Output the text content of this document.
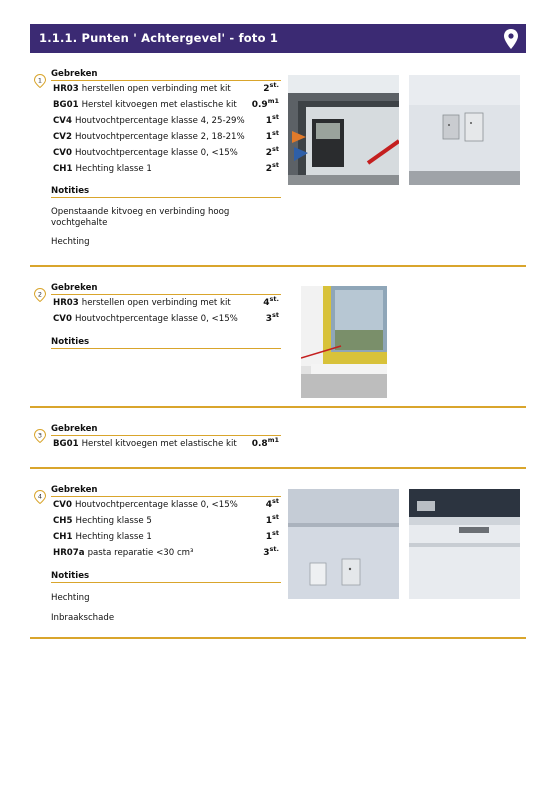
1.1.1. Punten ' Achtergevel' - foto 1
1
Gebreken
HR03 herstellen open verbinding met kit	$2^{st.}$
BG01 Herstel kitvoegen met elastische kit $0.9^{m1}$
CV4 Houtvochtpercentage klasse 4, 25-29% 1st
CV2 Houtvochtpercentage klasse 2, 18-21% 1st
CV0 Houtvochtpercentage klasse 0, <15%	2st
CH1 Hechting klasse 1	2st
Notities
Openstaande kitvoeg en verbinding hoog vochtgehalte
Hechting
2
Gebreken
HR03 herstellen open verbinding met kit	$4^{st.}$
CV0 Houtvochtpercentage klasse 0, <15%	3st
Notities
3
Gebreken
BG01 Herstel kitvoegen met elastische kit $0.8^{m1}$
4
Gebreken
CV0 Houtvochtpercentage klasse 0, <15%	4st
CH5 Hechting klasse 5	1st
CH1 Hechting klasse 1	1st
HR07a pasta reparatie <30 cm³	$3^{st.}$
Notities
Hechting
Inbraakschade
